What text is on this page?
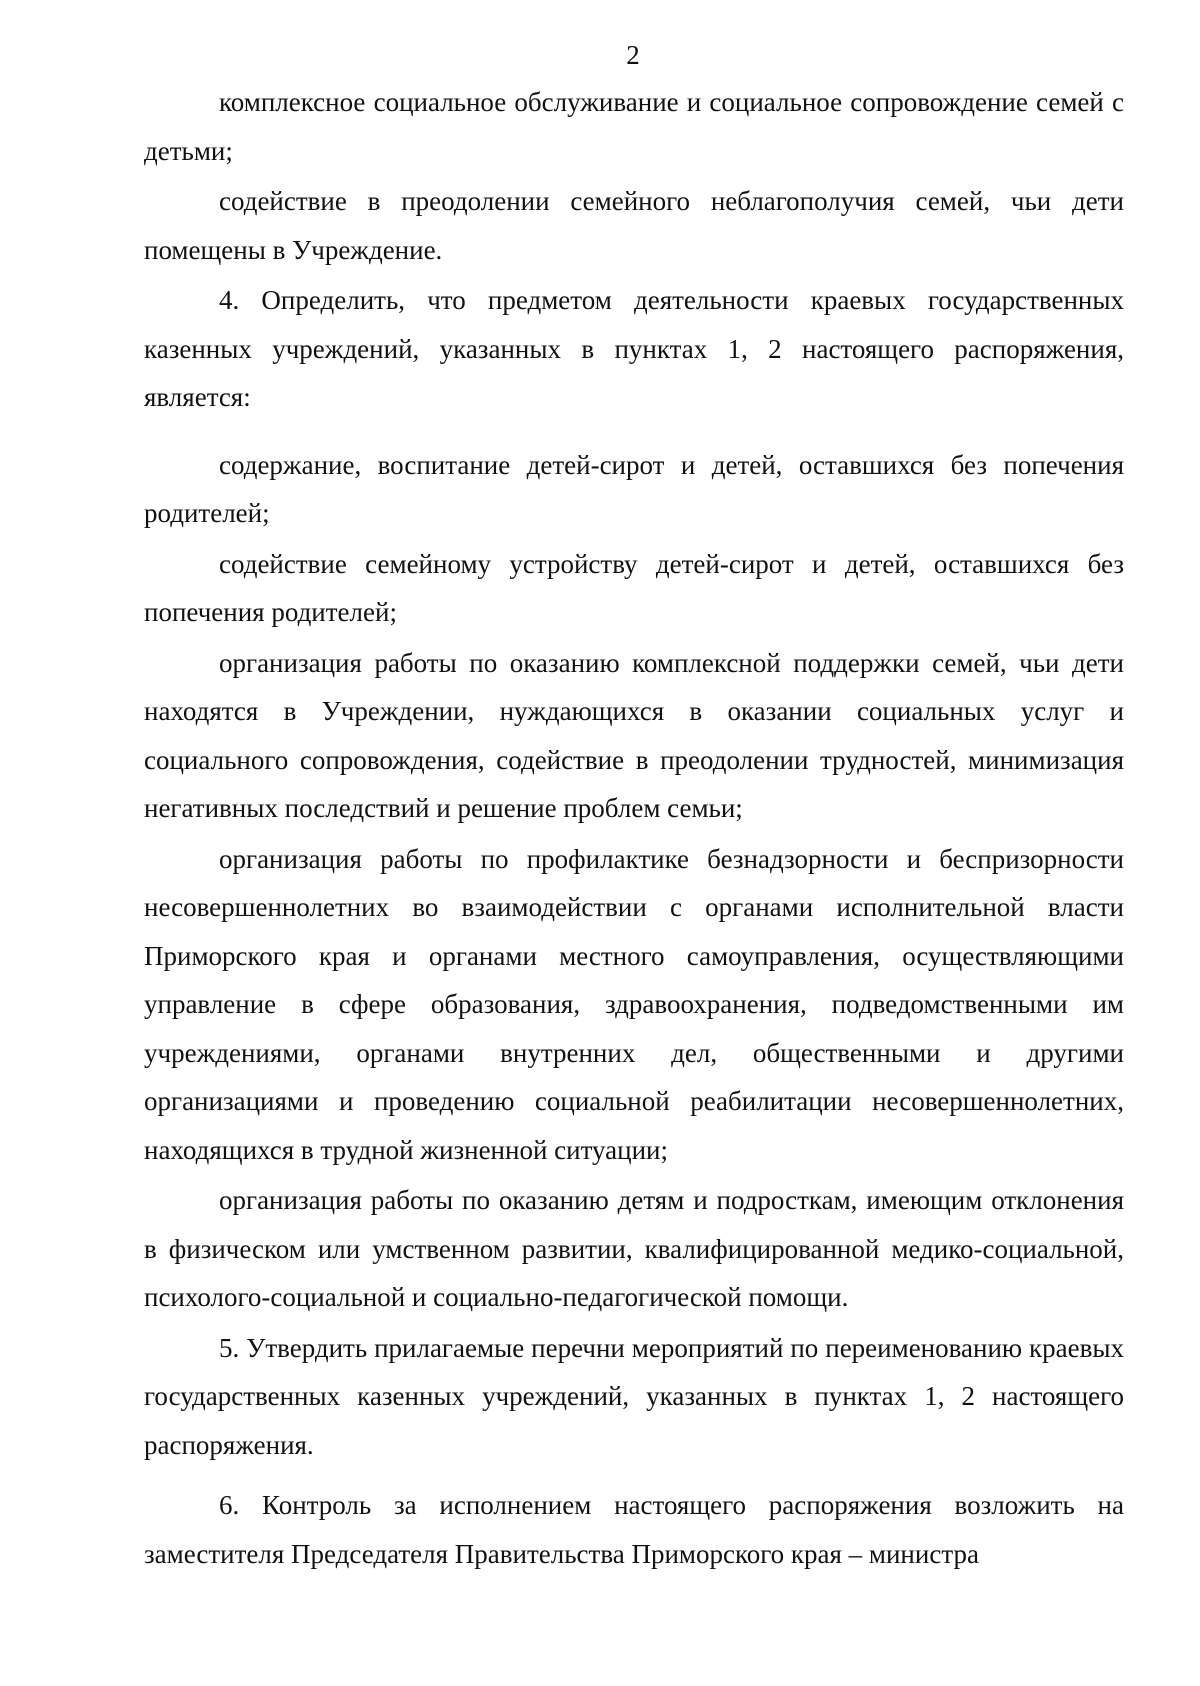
2

комплексное социальное обслуживание и социальное сопровождение семей с детьми;

содействие в преодолении семейного неблагополучия семей, чьи дети помещены в Учреждение.

4. Определить, что предметом деятельности краевых государственных казенных учреждений, указанных в пунктах 1, 2 настоящего распоряжения, является:

содержание, воспитание детей-сирот и детей, оставшихся без попечения родителей;

содействие семейному устройству детей-сирот и детей, оставшихся без попечения родителей;

организация работы по оказанию комплексной поддержки семей, чьи дети находятся в Учреждении, нуждающихся в оказании социальных услуг и социального сопровождения, содействие в преодолении трудностей, минимизация негативных последствий и решение проблем семьи;

организация работы по профилактике безнадзорности и беспризорности несовершеннолетних во взаимодействии с органами исполнительной власти Приморского края и органами местного самоуправления, осуществляющими управление в сфере образования, здравоохранения, подведомственными им учреждениями, органами внутренних дел, общественными и другими организациями и проведению социальной реабилитации несовершеннолетних, находящихся в трудной жизненной ситуации;

организация работы по оказанию детям и подросткам, имеющим отклонения в физическом или умственном развитии, квалифицированной медико-социальной, психолого-социальной и социально-педагогической помощи.

5. Утвердить прилагаемые перечни мероприятий по переименованию краевых государственных казенных учреждений, указанных в пунктах 1, 2 настоящего распоряжения.

6. Контроль за исполнением настоящего распоряжения возложить на заместителя Председателя Правительства Приморского края – министра
